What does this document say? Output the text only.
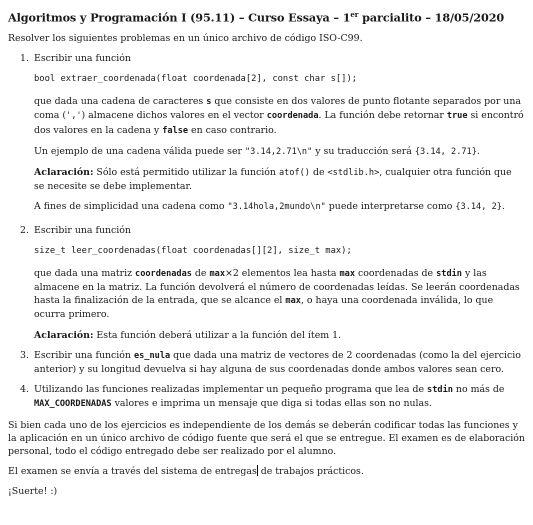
Algoritmos y Programación I (95.11) – Curso Essaya – 1er parcialito – 18/05/2020

Resolver los siguientes problemas en un único archivo de código ISO-C99.

1. Escribir una función

bool extraer_coordenada(float coordenada[2], const char s[]);

que dada una cadena de caracteres s que consiste en dos valores de punto flotante separados por una coma (',') almacene dichos valores en el vector coordenada. La función debe retornar true si encontró dos valores en la cadena y false en caso contrario.

Un ejemplo de una cadena válida puede ser "3.14,2.71\n" y su traducción será {3.14, 2.71}.

Aclaración: Sólo está permitido utilizar la función atof() de <stdlib.h>, cualquier otra función que se necesite se debe implementar.

A fines de simplicidad una cadena como "3.14hola,2mundo\n" puede interpretarse como {3.14, 2}.

2. Escribir una función

size_t leer_coordenadas(float coordenadas[][2], size_t max);

que dada una matriz coordenadas de max×2 elementos lea hasta max coordenadas de stdin y las almacene en la matriz. La función devolverá el número de coordenadas leídas. Se leerán coordenadas hasta la finalización de la entrada, que se alcance el max, o haya una coordenada inválida, lo que ocurra primero.

Aclaración: Esta función deberá utilizar a la función del ítem 1.

3. Escribir una función es_nula que dada una matriz de vectores de 2 coordenadas (como la del ejercicio anterior) y su longitud devuelva si hay alguna de sus coordenadas donde ambos valores sean cero.

4. Utilizando las funciones realizadas implementar un pequeño programa que lea de stdin no más de MAX_COORDENADAS valores e imprima un mensaje que diga si todas ellas son no nulas.

Si bien cada uno de los ejercicios es independiente de los demás se deberán codificar todas las funciones y la aplicación en un único archivo de código fuente que será el que se entregue. El examen es de elaboración personal, todo el código entregado debe ser realizado por el alumno.

El examen se envía a través del sistema de entregas de trabajos prácticos.

¡Suerte! :)
